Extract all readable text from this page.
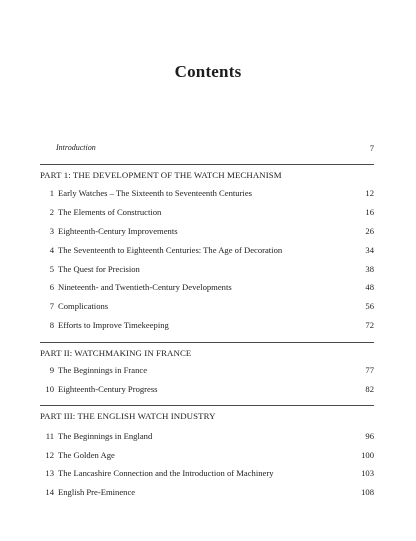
Contents
Introduction	7
PART 1: THE DEVELOPMENT OF THE WATCH MECHANISM
1 Early Watches – The Sixteenth to Seventeenth Centuries	12
2 The Elements of Construction	16
3 Eighteenth-Century Improvements	26
4 The Seventeenth to Eighteenth Centuries: The Age of Decoration	34
5 The Quest for Precision	38
6 Nineteenth- and Twentieth-Century Developments	48
7 Complications	56
8 Efforts to Improve Timekeeping	72
PART II: WATCHMAKING IN FRANCE
9 The Beginnings in France	77
10 Eighteenth-Century Progress	82
PART III: THE ENGLISH WATCH INDUSTRY
11 The Beginnings in England	96
12 The Golden Age	100
13 The Lancashire Connection and the Introduction of Machinery	103
14 English Pre-Eminence	108
